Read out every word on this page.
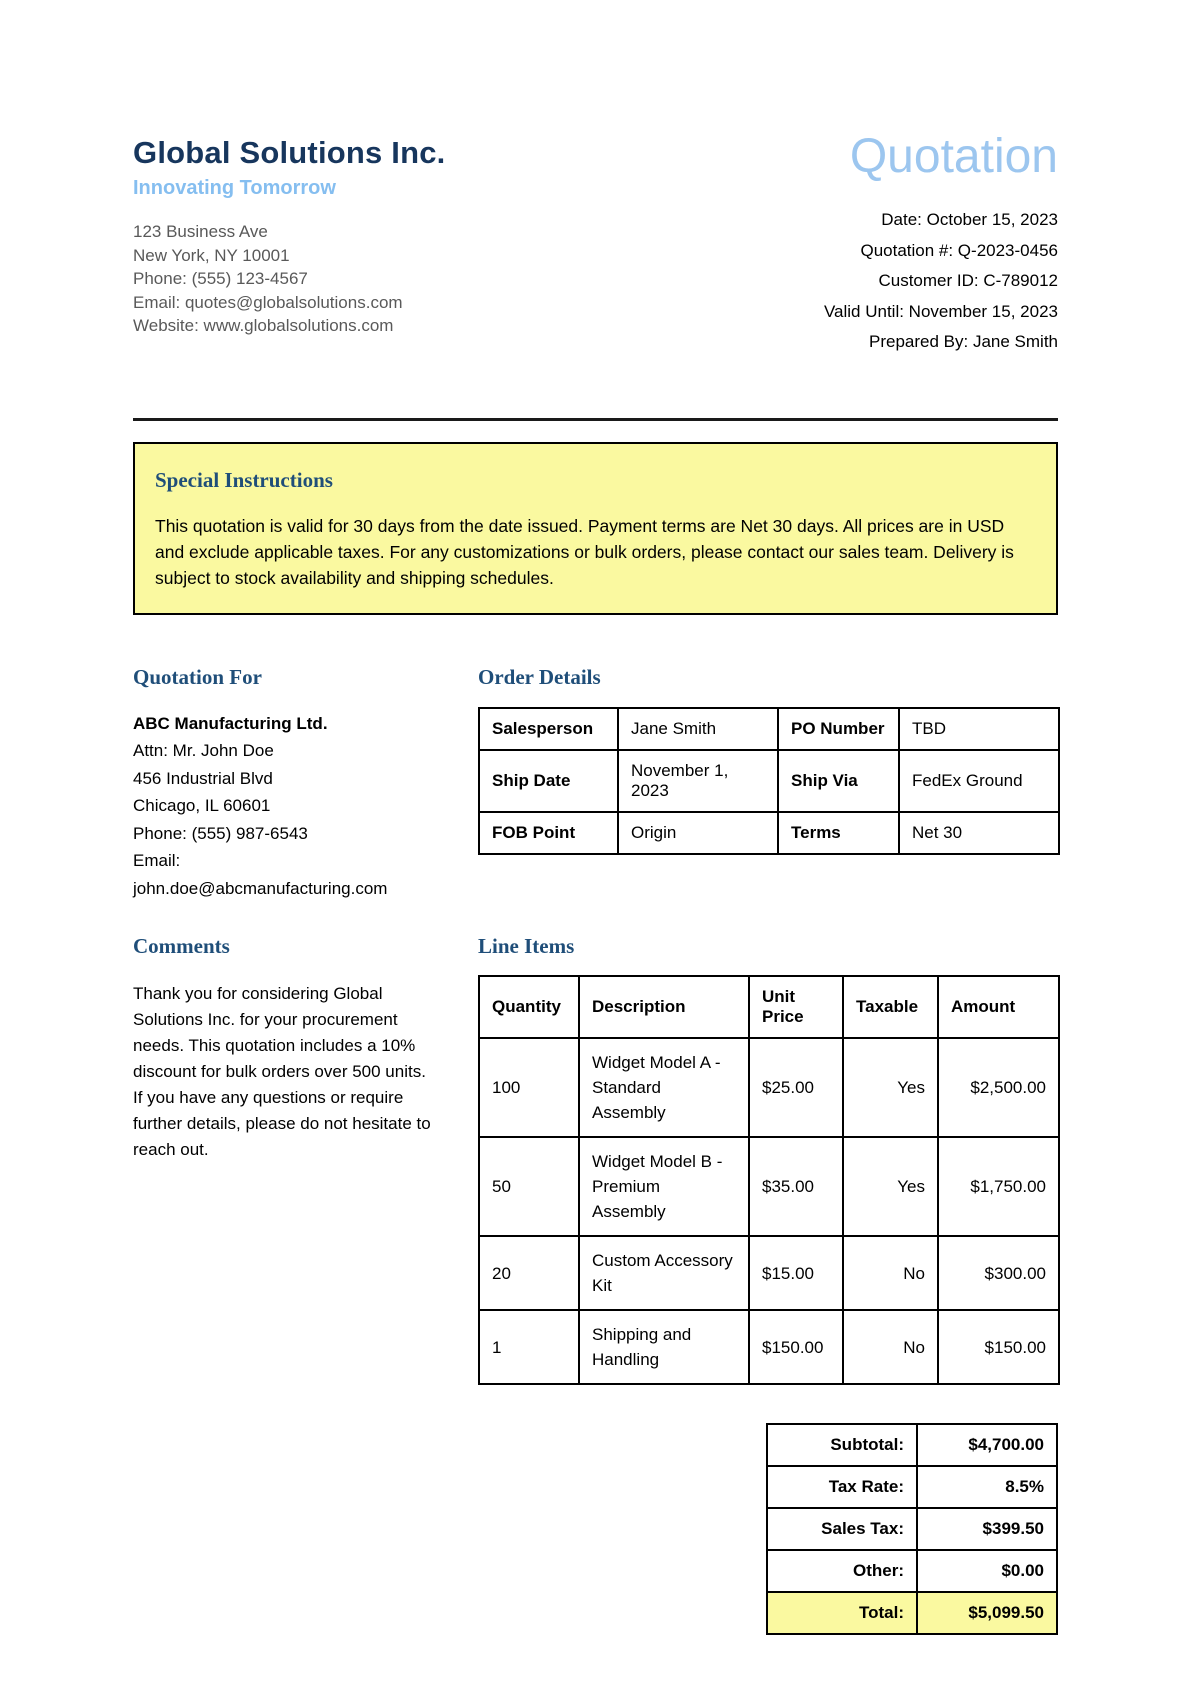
Global Solutions Inc.
Innovating Tomorrow
123 Business Ave
New York, NY 10001
Phone: (555) 123-4567
Email: quotes@globalsolutions.com
Website: www.globalsolutions.com
Quotation
Date: October 15, 2023
Quotation #: Q-2023-0456
Customer ID: C-789012
Valid Until: November 15, 2023
Prepared By: Jane Smith
Special Instructions

This quotation is valid for 30 days from the date issued. Payment terms are Net 30 days. All prices are in USD and exclude applicable taxes. For any customizations or bulk orders, please contact our sales team. Delivery is subject to stock availability and shipping schedules.

Quotation For
ABC Manufacturing Ltd.
Attn: Mr. John Doe
456 Industrial Blvd
Chicago, IL 60601
Phone: (555) 987-6543
Email: john.doe@abcmanufacturing.com
Order Details
Salesperson	Jane Smith	PO Number	TBD
Ship Date	November 1, 2023	Ship Via	FedEx Ground
FOB Point	Origin	Terms	Net 30
Comments

Thank you for considering Global Solutions Inc. for your procurement needs. This quotation includes a 10% discount for bulk orders over 500 units. If you have any questions or require further details, please do not hesitate to reach out.

Line Items
Quantity	Description	Unit Price	Taxable	Amount
100	Widget Model A - Standard Assembly	$25.00	Yes	$2,500.00
50	Widget Model B - Premium Assembly	$35.00	Yes	$1,750.00
20	Custom Accessory Kit	$15.00	No	$300.00
1	Shipping and Handling	$150.00	No	$150.00
Subtotal:	$4,700.00
Tax Rate:	8.5%
Sales Tax:	$399.50
Other:	$0.00
Total:	$5,099.50
